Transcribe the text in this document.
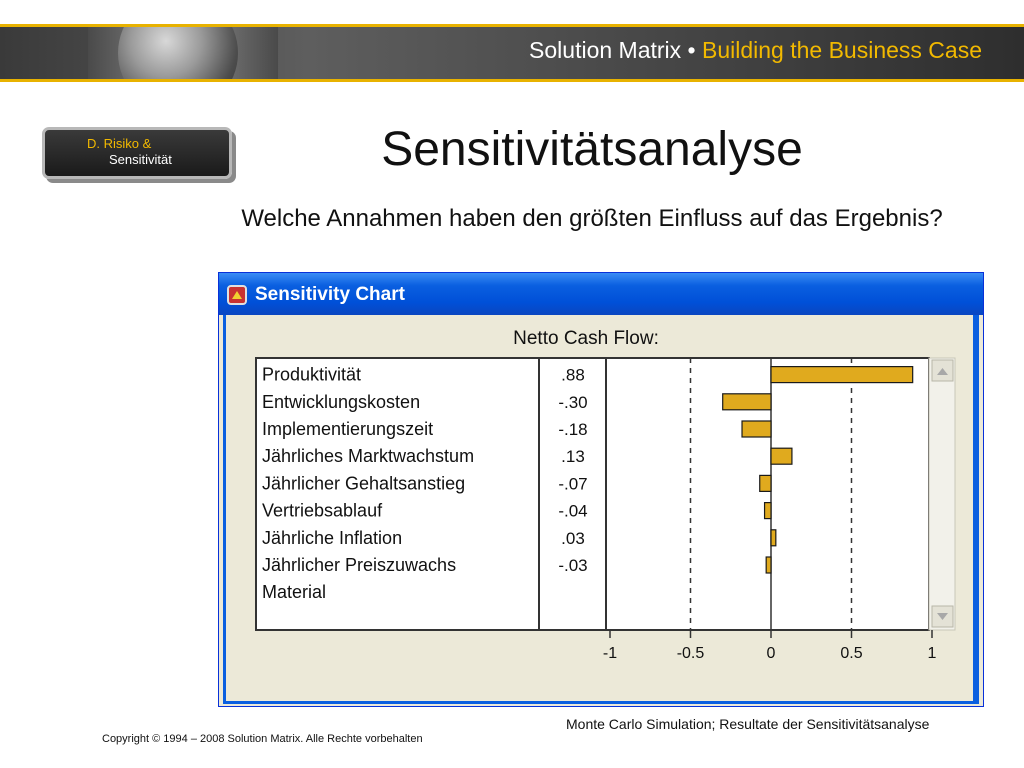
Solution Matrix • Building the Business Case
D. Risiko &
Sensitivität	Sensitivitätsanalyse
Welche Annahmen haben den größten Einfluss auf das Ergebnis?
Sensitivity Chart
Netto Cash Flow:
Produktivität	.88
Entwicklungskosten	-.30
Implementierungszeit	-.18
Jährliches Marktwachstum	.13
Jährlicher Gehaltsanstieg	-.07
Vertriebsablauf	-.04
Jährliche Inflation	.03
Jährlicher Preiszuwachs	-.03
Material
-1	-0.5	0	0.5	1
Monte Carlo Simulation; Resultate der Sensitivitätsanalyse
Copyright © 1994 – 2008 Solution Matrix. Alle Rechte vorbehalten
